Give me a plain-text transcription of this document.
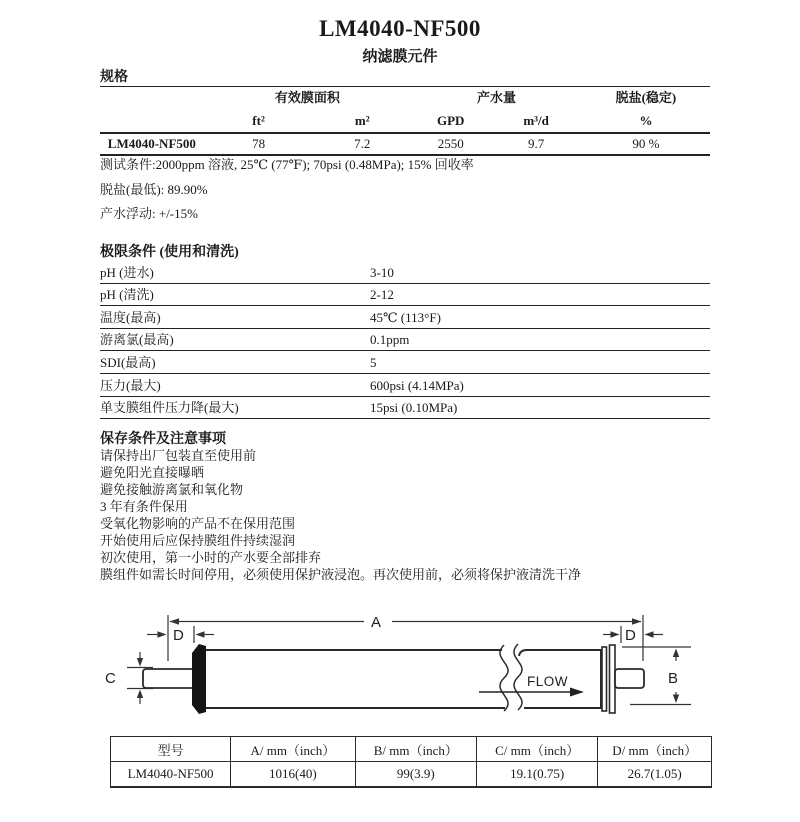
LM4040-NF500
纳滤膜元件
规格
	有效膜面积		产水量		脱盐(稳定)
	ft²	m²	GPD	m³/d	%
LM4040-NF500	78	7.2	2550	9.7	90 %
测试条件:2000ppm 溶液, 25℃ (77℉); 70psi (0.48MPa); 15% 回收率
脱盐(最低): 89.90%
产水浮动: +/-15%
极限条件 (使用和清洗)
pH (进水)	3-10
pH (清洗)	2-12
温度(最高)	45℃ (113°F)
游离氯(最高)	0.1ppm
SDI(最高)	5
压力(最大)	600psi (4.14MPa)
单支膜组件压力降(最大)	15psi (0.10MPa)
保存条件及注意事项
请保持出厂包装直至使用前
避免阳光直接曝晒
避免接触游离氯和氧化物
3 年有条件保用
受氧化物影响的产品不在保用范围
开始使用后应保持膜组件持续湿润
初次使用，第一小时的产水要全部排弃
膜组件如需长时间停用，必须使用保护液浸泡。再次使用前，必须将保护液清洗干净
A
D	D
C	B
FLOW
型号	A/ mm（inch）	B/ mm（inch）	C/ mm（inch）	D/ mm（inch）
LM4040-NF500	1016(40)	99(3.9)	19.1(0.75)	26.7(1.05)
